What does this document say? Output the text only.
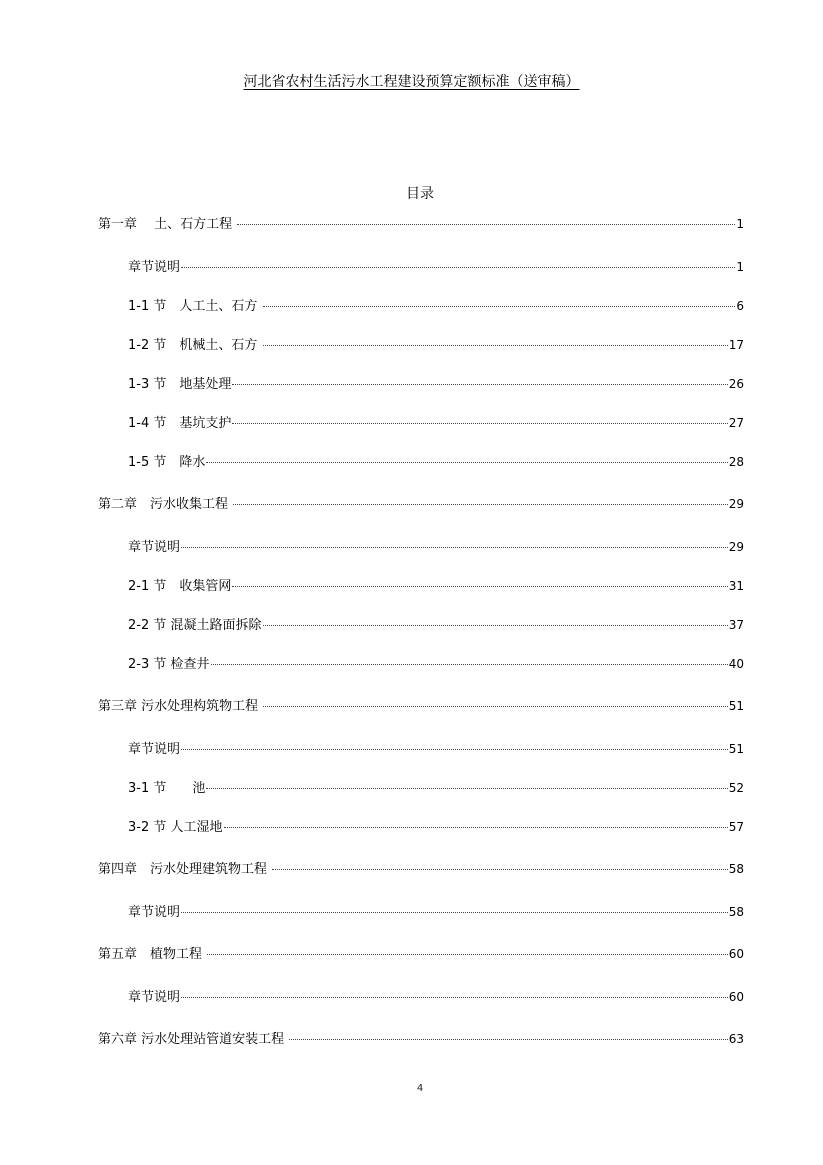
河北省农村生活污水工程建设预算定额标准（送审稿）
目录
第一章　 土、石方工程	1
章节说明	1
1-1 节　人工土、石方	6
1-2 节　机械土、石方	17
1-3 节　地基处理	26
1-4 节　基坑支护	27
1-5 节　降水	28
第二章　污水收集工程	29
章节说明	29
2-1 节　收集管网	31
2-2 节 混凝土路面拆除	37
2-3 节 检查井	40
第三章 污水处理构筑物工程	51
章节说明	51
3-1 节　　池	52
3-2 节 人工湿地	57
第四章　污水处理建筑物工程	58
章节说明	58
第五章　植物工程	60
章节说明	60
第六章 污水处理站管道安装工程	63
4
